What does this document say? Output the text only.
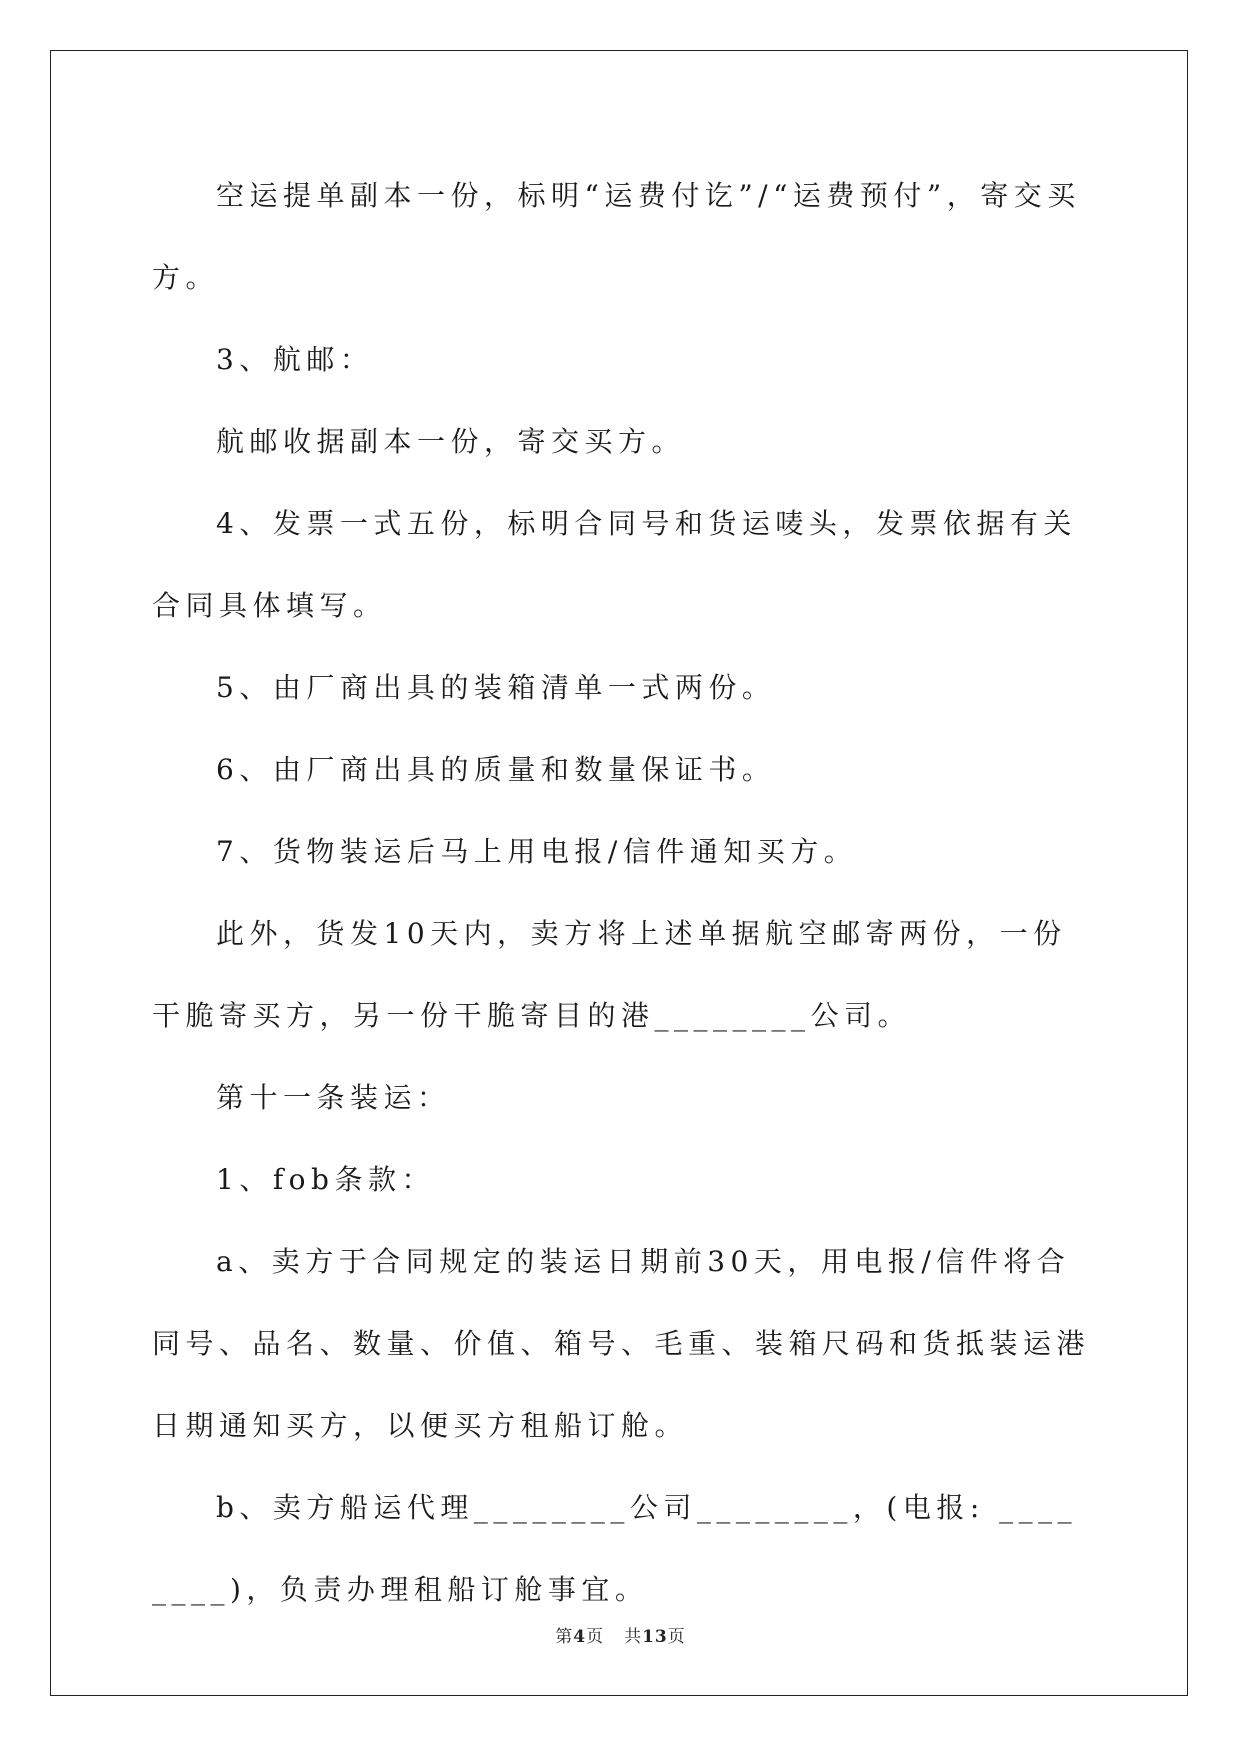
空运提单副本一份，标明“运费付讫”/“运费预付”，寄交买方。

3、航邮：

航邮收据副本一份，寄交买方。

4、发票一式五份，标明合同号和货运唛头，发票依据有关合同具体填写。

5、由厂商出具的装箱清单一式两份。

6、由厂商出具的质量和数量保证书。

7、货物装运后马上用电报/信件通知买方。

此外，货发10天内，卖方将上述单据航空邮寄两份，一份干脆寄买方，另一份干脆寄目的港________公司。

第十一条装运：

1、fob条款：

a、卖方于合同规定的装运日期前30天，用电报/信件将合同号、品名、数量、价值、箱号、毛重、装箱尺码和货抵装运港日期通知买方，以便买方租船订舱。

b、卖方船运代理________公司________，(电报: ________)，负责办理租船订舱事宜。

第4页 共13页
